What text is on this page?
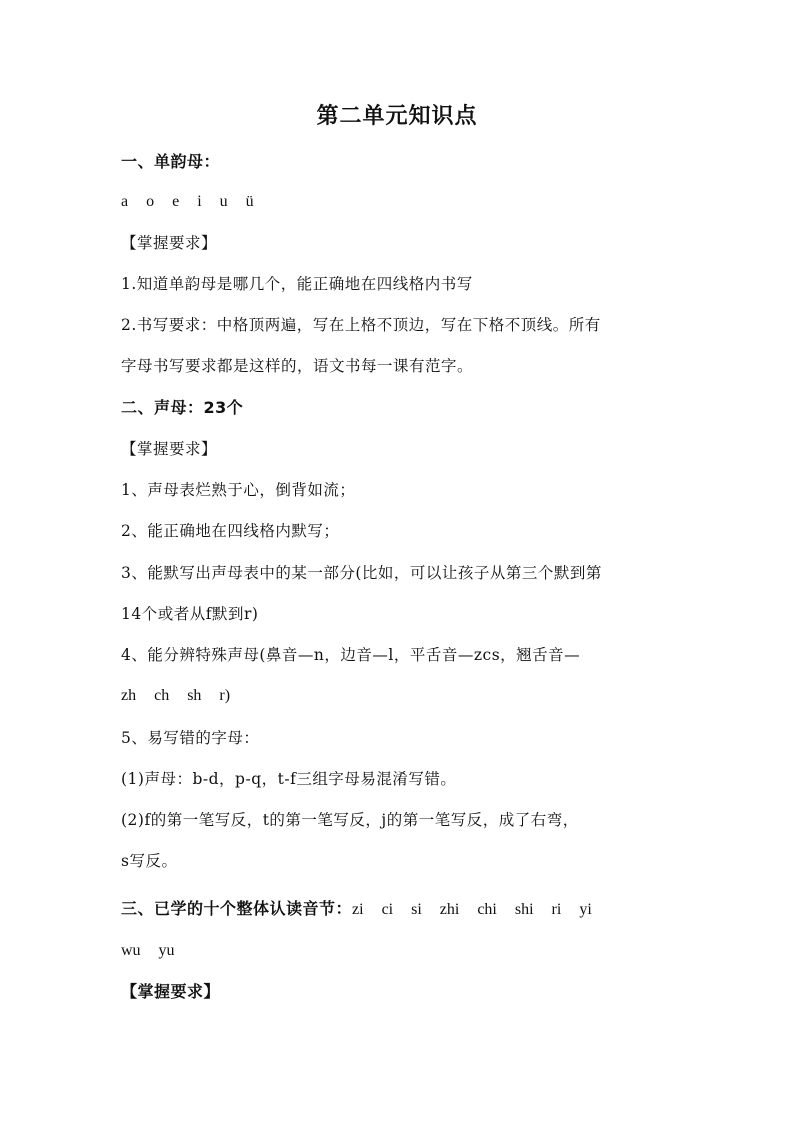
第二单元知识点
一、单韵母：
a o e i u ü
【掌握要求】
1.知道单韵母是哪几个，能正确地在四线格内书写
2.书写要求：中格顶两遍，写在上格不顶边，写在下格不顶线。所有
字母书写要求都是这样的，语文书每一课有范字。
二、声母：23个
【掌握要求】
1、声母表烂熟于心，倒背如流；
2、能正确地在四线格内默写；
3、能默写出声母表中的某一部分(比如，可以让孩子从第三个默到第
14个或者从f默到r)
4、能分辨特殊声母(鼻音—n，边音—l，平舌音—zcs，翘舌音—
zh ch sh r)
5、易写错的字母：
(1)声母：b-d，p-q，t-f三组字母易混淆写错。
(2)f的第一笔写反，t的第一笔写反，j的第一笔写反，成了右弯，
s写反。
三、已学的十个整体认读音节：zi ci si zhi chi shi ri yi
wu yu
【掌握要求】
